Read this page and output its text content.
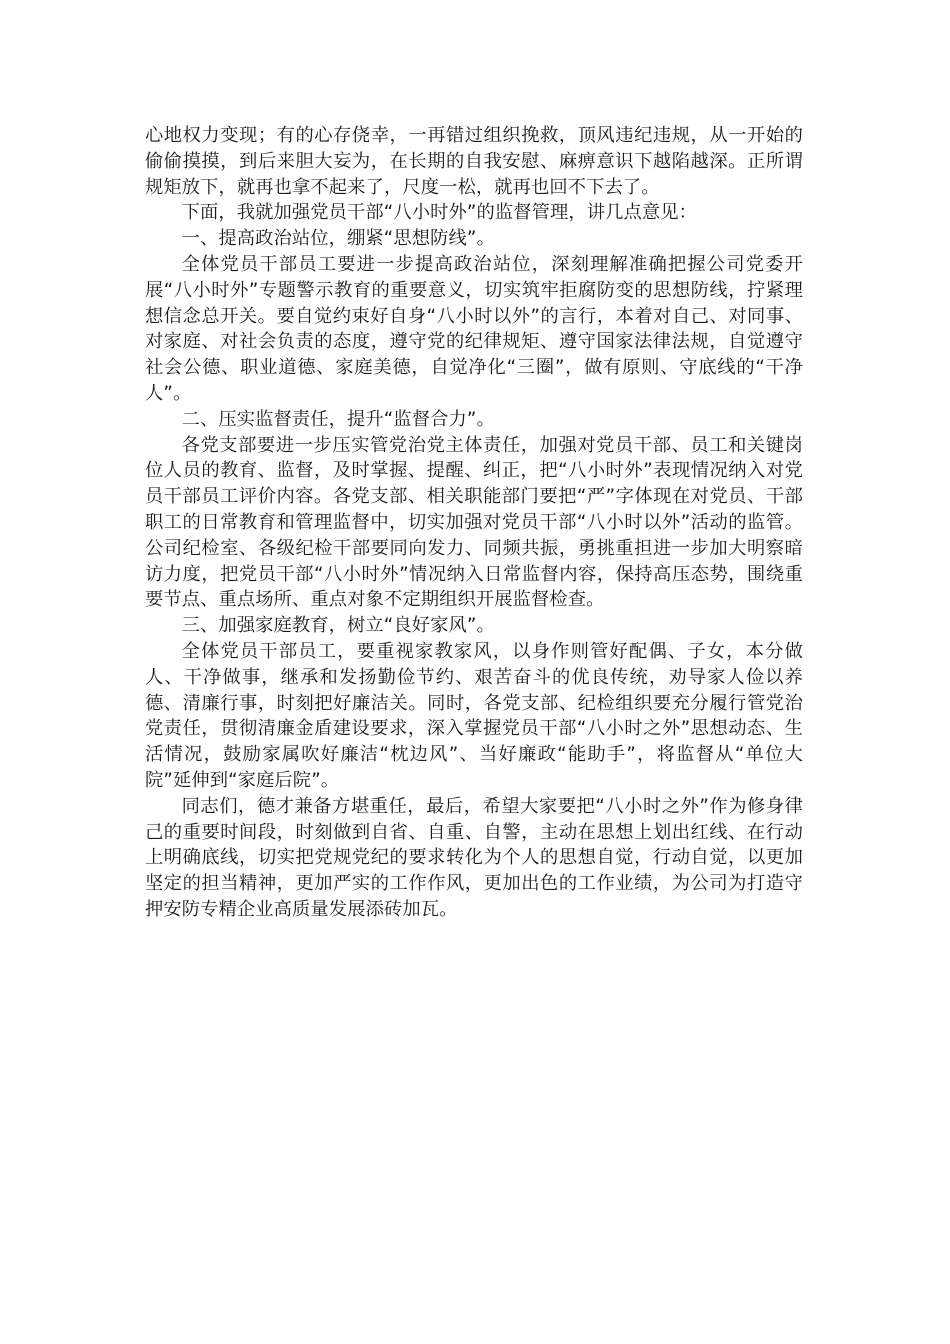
心地权力变现；有的心存侥幸，一再错过组织挽救，顶风违纪违规，从一开始的偷偷摸摸，到后来胆大妄为，在长期的自我安慰、麻痹意识下越陷越深。正所谓规矩放下，就再也拿不起来了，尺度一松，就再也回不下去了。

下面，我就加强党员干部“八小时外”的监督管理，讲几点意见：

一、提高政治站位，绷紧“思想防线”。

全体党员干部员工要进一步提高政治站位，深刻理解准确把握公司党委开展“八小时外”专题警示教育的重要意义，切实筑牢拒腐防变的思想防线，拧紧理想信念总开关。要自觉约束好自身“八小时以外”的言行，本着对自己、对同事、对家庭、对社会负责的态度，遵守党的纪律规矩、遵守国家法律法规，自觉遵守社会公德、职业道德、家庭美德，自觉净化“三圈”，做有原则、守底线的“干净人”。

二、压实监督责任，提升“监督合力”。

各党支部要进一步压实管党治党主体责任，加强对党员干部、员工和关键岗位人员的教育、监督，及时掌握、提醒、纠正，把“八小时外”表现情况纳入对党员干部员工评价内容。各党支部、相关职能部门要把“严”字体现在对党员、干部职工的日常教育和管理监督中，切实加强对党员干部“八小时以外”活动的监管。公司纪检室、各级纪检干部要同向发力、同频共振，勇挑重担进一步加大明察暗访力度，把党员干部“八小时外”情况纳入日常监督内容，保持高压态势，围绕重要节点、重点场所、重点对象不定期组织开展监督检查。

三、加强家庭教育，树立“良好家风”。

全体党员干部员工，要重视家教家风，以身作则管好配偶、子女，本分做人、干净做事，继承和发扬勤俭节约、艰苦奋斗的优良传统，劝导家人俭以养德、清廉行事，时刻把好廉洁关。同时，各党支部、纪检组织要充分履行管党治党责任，贯彻清廉金盾建设要求，深入掌握党员干部“八小时之外”思想动态、生活情况，鼓励家属吹好廉洁“枕边风”、当好廉政“能助手”，将监督从“单位大院”延伸到“家庭后院”。

同志们，德才兼备方堪重任，最后，希望大家要把“八小时之外”作为修身律己的重要时间段，时刻做到自省、自重、自警，主动在思想上划出红线、在行动上明确底线，切实把党规党纪的要求转化为个人的思想自觉，行动自觉，以更加坚定的担当精神，更加严实的工作作风，更加出色的工作业绩，为公司为打造守押安防专精企业高质量发展添砖加瓦。
